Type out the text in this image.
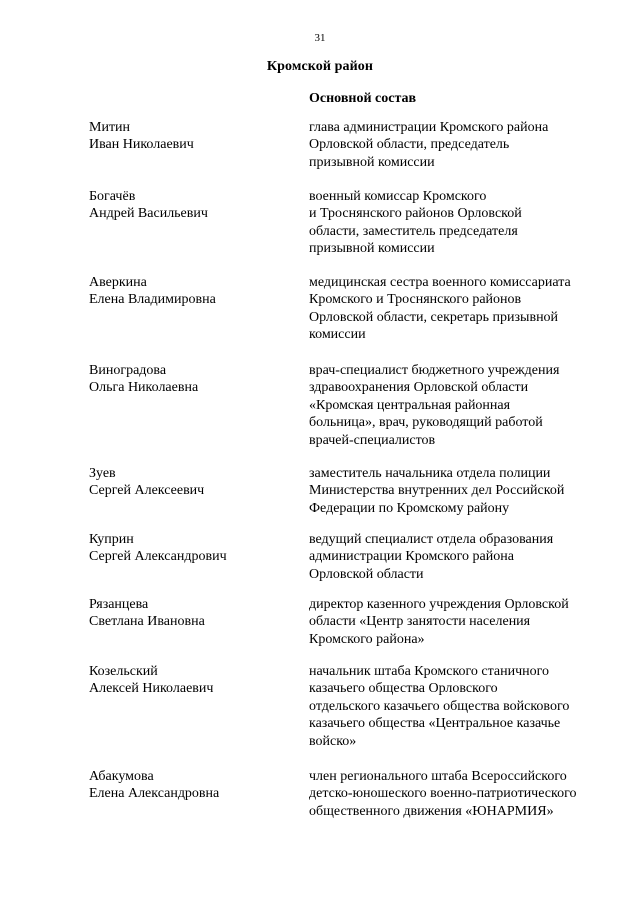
31
Кромской район
Основной состав
Митин
Иван Николаевич
глава администрации Кромского района
Орловской области, председатель
призывной комиссии
Богачёв
Андрей Васильевич
военный комиссар Кромского
и Троснянского районов Орловской
области, заместитель председателя
призывной комиссии
Аверкина
Елена Владимировна
медицинская сестра военного комиссариата
Кромского и Троснянского районов
Орловской области, секретарь призывной
комиссии
Виноградова
Ольга Николаевна
врач-специалист бюджетного учреждения
здравоохранения Орловской области
«Кромская центральная районная
больница», врач, руководящий работой
врачей-специалистов
Зуев
Сергей Алексеевич
заместитель начальника отдела полиции
Министерства внутренних дел Российской
Федерации по Кромскому району
Куприн
Сергей Александрович
ведущий специалист отдела образования
администрации Кромского района
Орловской области
Рязанцева
Светлана Ивановна
директор казенного учреждения Орловской
области «Центр занятости населения
Кромского района»
Козельский
Алексей Николаевич
начальник штаба Кромского станичного
казачьего общества Орловского
отдельского казачьего общества войскового
казачьего общества «Центральное казачье
войско»
Абакумова
Елена Александровна
член регионального штаба Всероссийского
детско-юношеского военно-патриотического
общественного движения «ЮНАРМИЯ»
